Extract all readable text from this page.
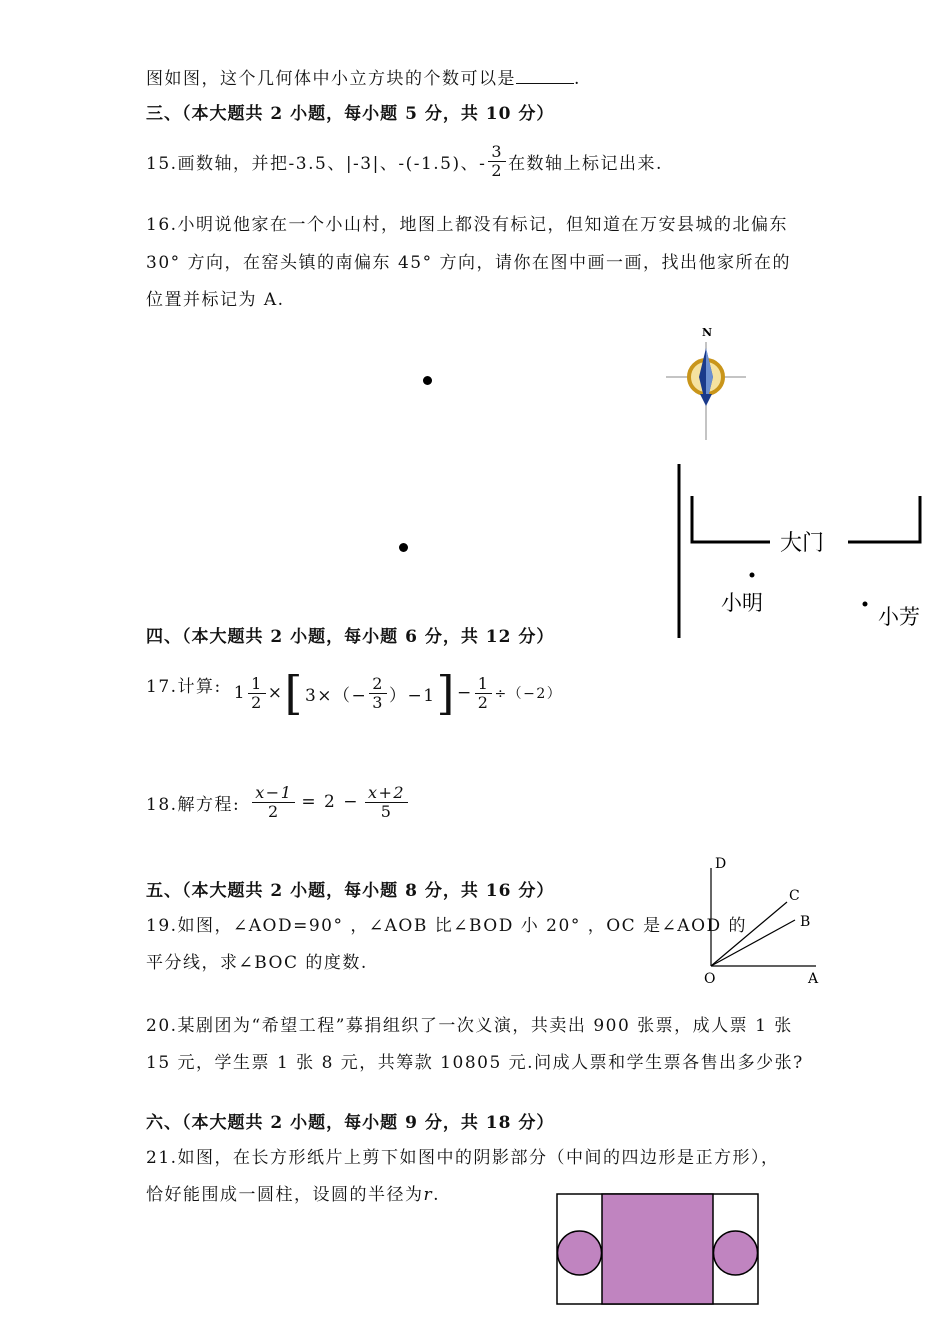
图如图，这个几何体中小立方块的个数可以是	.
三、（本大题共 2 小题，每小题 5 分，共 10 分）
15.画数轴，并把-3.5、|-3|、-(-1.5)、- $\frac{3}{2}$ 在数轴上标记出来.
16.小明说他家在一个小山村，地图上都没有标记，但知道在万安县城的北偏东
30° 方向，在窑头镇的南偏东 45° 方向，请你在图中画一画，找出他家所在的
位置并标记为 A.
N
大门
小明
小芳
四、（本大题共 2 小题，每小题 6 分，共 12 分）
17.计算: $1 \frac{1}{2}$ × [ $3\times(- \frac{2}{3} )-1$ ] − $\frac{1}{2} \div(-2)$
18.解方程: $\frac{x-1}{2} = 2 - \frac{x+2}{5}$
D
C
B
O	A
五、（本大题共 2 小题，每小题 8 分，共 16 分）
19.如图，∠AOD=90° ，∠AOB 比∠BOD 小 20° ，OC 是∠AOD 的
平分线，求∠BOC 的度数.
20.某剧团为“希望工程”募捐组织了一次义演，共卖出 900 张票，成人票 1 张
15 元，学生票 1 张 8 元，共筹款 10805 元.问成人票和学生票各售出多少张?
六、（本大题共 2 小题，每小题 9 分，共 18 分）
21.如图，在长方形纸片上剪下如图中的阴影部分（中间的四边形是正方形），
恰好能围成一圆柱，设圆的半径为r.
